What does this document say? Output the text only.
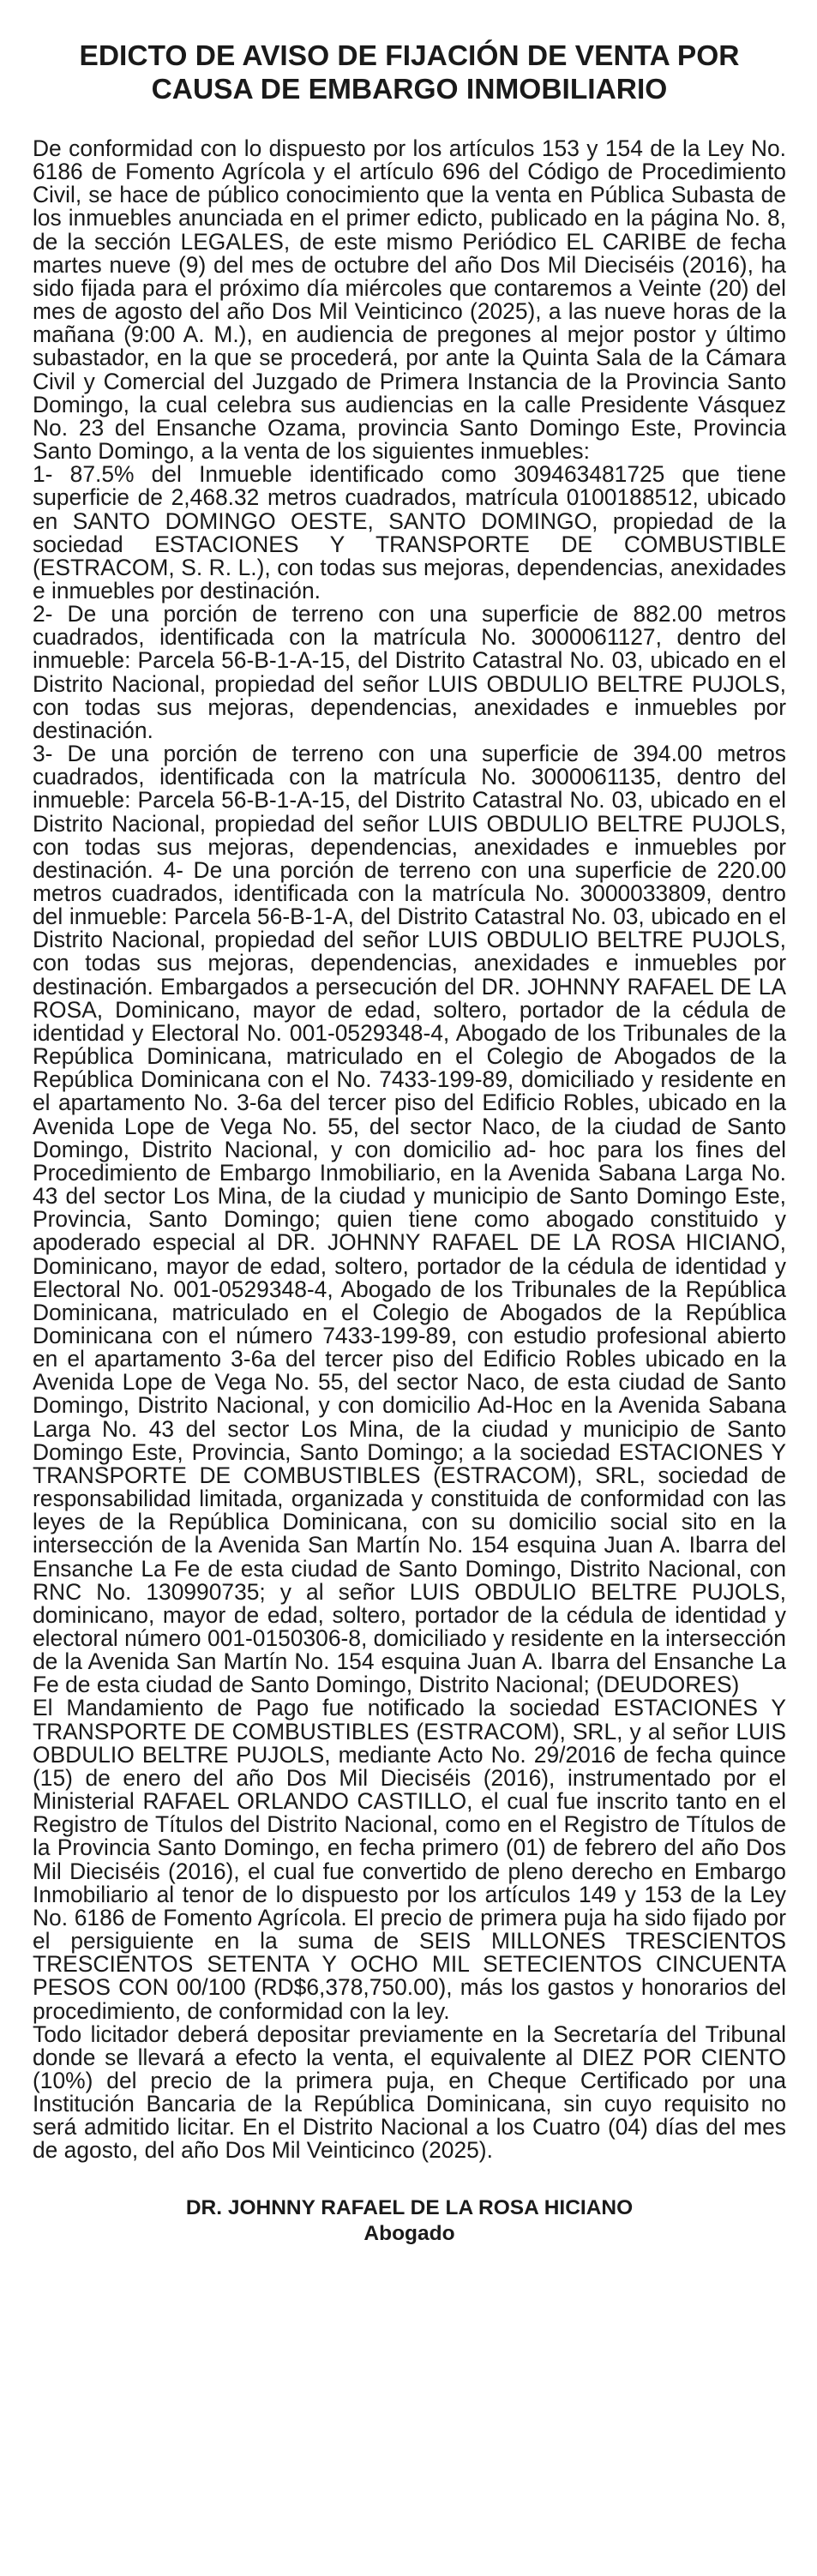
EDICTO DE AVISO DE FIJACIÓN DE VENTA POR
CAUSA DE EMBARGO INMOBILIARIO

De conformidad con lo dispuesto por los artículos 153 y 154 de la Ley No. 6186 de Fomento Agrícola y el artículo 696 del Código de Procedimiento Civil, se hace de público conocimiento que la venta en Pública Subasta de los inmuebles anunciada en el primer edicto, publicado en la página No. 8, de la sección LEGALES, de este mismo Periódico EL CARIBE de fecha martes nueve (9) del mes de octubre del año Dos Mil Dieciséis (2016), ha sido fijada para el próximo día miércoles que contaremos a Veinte (20) del mes de agosto del año Dos Mil Veinticinco (2025), a las nueve horas de la mañana (9:00 A. M.), en audiencia de pregones al mejor postor y último subastador, en la que se procederá, por ante la Quinta Sala de la Cámara Civil y Comercial del Juzgado de Primera Instancia de la Provincia Santo Domingo, la cual celebra sus audiencias en la calle Presidente Vásquez No. 23 del Ensanche Ozama, provincia Santo Domingo Este, Provincia Santo Domingo, a la venta de los siguientes inmuebles:

1- 87.5% del Inmueble identificado como 309463481725 que tiene superficie de 2,468.32 metros cuadrados, matrícula 0100188512, ubicado en SANTO DOMINGO OESTE, SANTO DOMINGO, propiedad de la sociedad ESTACIONES Y TRANSPORTE DE COMBUSTIBLE (ESTRACOM, S. R. L.), con todas sus mejoras, dependencias, anexidades e inmuebles por destinación.

2- De una porción de terreno con una superficie de 882.00 metros cuadrados, identificada con la matrícula No. 3000061127, dentro del inmueble: Parcela 56-B-1-A-15, del Distrito Catastral No. 03, ubicado en el Distrito Nacional, propiedad del señor LUIS OBDULIO BELTRE PUJOLS, con todas sus mejoras, dependencias, anexidades e inmuebles por destinación.

3- De una porción de terreno con una superficie de 394.00 metros cuadrados, identificada con la matrícula No. 3000061135, dentro del inmueble: Parcela 56-B-1-A-15, del Distrito Catastral No. 03, ubicado en el Distrito Nacional, propiedad del señor LUIS OBDULIO BELTRE PUJOLS, con todas sus mejoras, dependencias, anexidades e inmuebles por destinación. 4- De una porción de terreno con una superficie de 220.00 metros cuadrados, identificada con la matrícula No. 3000033809, dentro del inmueble: Parcela 56-B-1-A, del Distrito Catastral No. 03, ubicado en el Distrito Nacional, propiedad del señor LUIS OBDULIO BELTRE PUJOLS, con todas sus mejoras, dependencias, anexidades e inmuebles por destinación. Embargados a persecución del DR. JOHNNY RAFAEL DE LA ROSA, Dominicano, mayor de edad, soltero, portador de la cédula de identidad y Electoral No. 001-0529348-4, Abogado de los Tribunales de la República Dominicana, matriculado en el Colegio de Abogados de la República Dominicana con el No. 7433-199-89, domiciliado y residente en el apartamento No. 3-6a del tercer piso del Edificio Robles, ubicado en la Avenida Lope de Vega No. 55, del sector Naco, de la ciudad de Santo Domingo, Distrito Nacional, y con domicilio ad- hoc para los fines del Procedimiento de Embargo Inmobiliario, en la Avenida Sabana Larga No. 43 del sector Los Mina, de la ciudad y municipio de Santo Domingo Este, Provincia, Santo Domingo; quien tiene como abogado constituido y apoderado especial al DR. JOHNNY RAFAEL DE LA ROSA HICIANO, Dominicano, mayor de edad, soltero, portador de la cédula de identidad y Electoral No. 001-0529348-4, Abogado de los Tribunales de la República Dominicana, matriculado en el Colegio de Abogados de la República Dominicana con el número 7433-199-89, con estudio profesional abierto en el apartamento 3-6a del tercer piso del Edificio Robles ubicado en la Avenida Lope de Vega No. 55, del sector Naco, de esta ciudad de Santo Domingo, Distrito Nacional, y con domicilio Ad-Hoc en la Avenida Sabana Larga No. 43 del sector Los Mina, de la ciudad y municipio de Santo Domingo Este, Provincia, Santo Domingo; a la sociedad ESTACIONES Y TRANSPORTE DE COMBUSTIBLES (ESTRACOM), SRL, sociedad de responsabilidad limitada, organizada y constituida de conformidad con las leyes de la República Dominicana, con su domicilio social sito en la intersección de la Avenida San Martín No. 154 esquina Juan A. Ibarra del Ensanche La Fe de esta ciudad de Santo Domingo, Distrito Nacional, con RNC No. 130990735; y al señor LUIS OBDULIO BELTRE PUJOLS, dominicano, mayor de edad, soltero, portador de la cédula de identidad y electoral número 001-0150306-8, domiciliado y residente en la intersección de la Avenida San Martín No. 154 esquina Juan A. Ibarra del Ensanche La Fe de esta ciudad de Santo Domingo, Distrito Nacional; (DEUDORES)

El Mandamiento de Pago fue notificado la sociedad ESTACIONES Y TRANSPORTE DE COMBUSTIBLES (ESTRACOM), SRL, y al señor LUIS OBDULIO BELTRE PUJOLS, mediante Acto No. 29/2016 de fecha quince (15) de enero del año Dos Mil Dieciséis (2016), instrumentado por el Ministerial RAFAEL ORLANDO CASTILLO, el cual fue inscrito tanto en el Registro de Títulos del Distrito Nacional, como en el Registro de Títulos de la Provincia Santo Domingo, en fecha primero (01) de febrero del año Dos Mil Dieciséis (2016), el cual fue convertido de pleno derecho en Embargo Inmobiliario al tenor de lo dispuesto por los artículos 149 y 153 de la Ley No. 6186 de Fomento Agrícola. El precio de primera puja ha sido fijado por el persiguiente en la suma de SEIS MILLONES TRESCIENTOS TRESCIENTOS SETENTA Y OCHO MIL SETECIENTOS CINCUENTA PESOS CON 00/100 (RD$6,378,750.00), más los gastos y honorarios del procedimiento, de conformidad con la ley.

Todo licitador deberá depositar previamente en la Secretaría del Tribunal donde se llevará a efecto la venta, el equivalente al DIEZ POR CIENTO (10%) del precio de la primera puja, en Cheque Certificado por una Institución Bancaria de la República Dominicana, sin cuyo requisito no será admitido licitar. En el Distrito Nacional a los Cuatro (04) días del mes de agosto, del año Dos Mil Veinticinco (2025).

DR. JOHNNY RAFAEL DE LA ROSA HICIANO
Abogado
